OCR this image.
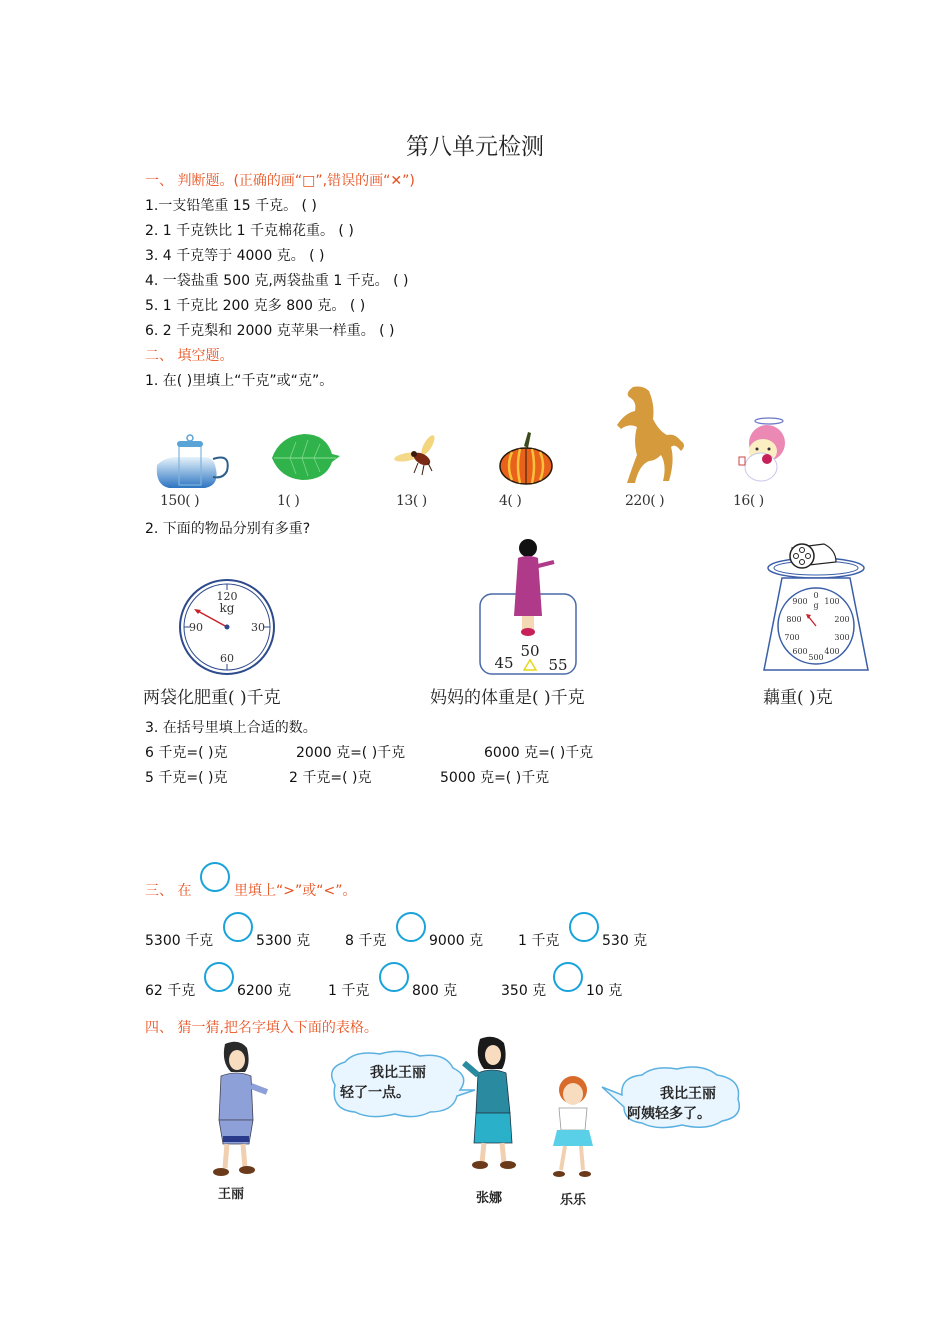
第八单元检测
一、 判断题。(正确的画“□”,错误的画“✕”)
1.一支铅笔重 15 千克。 ( )
2. 1 千克铁比 1 千克棉花重。 ( )
3. 4 千克等于 4000 克。 ( )
4. 一袋盐重 500 克,两袋盐重 1 千克。 ( )
5. 1 千克比 200 克多 800 克。 ( )
6. 2 千克梨和 2000 克苹果一样重。 ( )
二、 填空题。
1. 在( )里填上“千克”或“克”。
150( )	1( )	13( )	4( )	220( )	16( )
2. 下面的物品分别有多重?
120
kg
30
60
90
50
45 55
0
g 100
200
300
400
500
600
700
800
900
两袋化肥重( )千克	妈妈的体重是( )千克	藕重( )克
3. 在括号里填上合适的数。
6 千克=( )克	2000 克=( )千克	6000 克=( )千克
5 千克=( )克	2 千克=( )克	5000 克=( )千克
三、 在	里填上“>”或“<”。
5300 千克	5300 克 8 千克	9000 克 1 千克	530 克
62 千克	6200 克	1 千克	800 克	350 克	10 克
四、 猜一猜,把名字填入下面的表格。
我比王丽
轻了一点。	我比王丽
阿姨轻多了。
王丽	张娜	乐乐
